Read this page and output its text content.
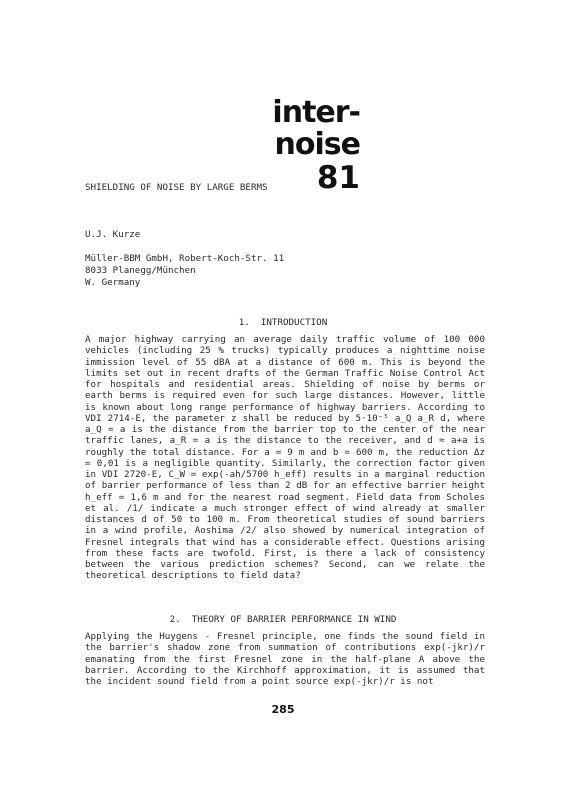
inter-noise
81
SHIELDING OF NOISE BY LARGE BERMS
U.J. Kurze
Müller-BBM GmbH, Robert-Koch-Str. 11
8033 Planegg/München
W. Germany
1.  INTRODUCTION
A major highway carrying an average daily traffic volume of 100 000 vehicles (including 25 % trucks) typically produces a nighttime noise immission level of 55 dBA at a distance of 600 m. This is beyond the limits set out in recent drafts of the German Traffic Noise Control Act for hospitals and residential areas. Shielding of noise by berms or earth berms is required even for such large distances. However, little is known about long range performance of highway barriers. According to VDI 2714-E, the parameter z shall be reduced by 5·10⁻⁵ a_Q a_R d, where a_Q = a is the distance from the barrier top to the center of the near traffic lanes, a_R = a is the distance to the receiver, and d ≈ a+a is roughly the total distance. For a = 9 m and b = 600 m, the reduction Δz = 0,01 is a negligible quantity. Similarly, the correction factor given in VDI 2720-E, C_W = exp(-ah/5700 h_eff) results in a marginal reduction of barrier performance of less than 2 dB for an effective barrier height h_eff = 1,6 m and for the nearest road segment. Field data from Scholes et al. /1/ indicate a much stronger effect of wind already at smaller distances d of 50 to 100 m. From theoretical studies of sound barriers in a wind profile, Aoshima /2/ also showed by numerical integration of Fresnel integrals that wind has a considerable effect. Questions arising from these facts are twofold. First, is there a lack of consistency between the various prediction schemes? Second, can we relate the theoretical descriptions to field data?
2.  THEORY OF BARRIER PERFORMANCE IN WIND
Applying the Huygens - Fresnel principle, one finds the sound field in the barrier's shadow zone from summation of contributions exp(-jkr)/r emanating from the first Fresnel zone in the half-plane A above the barrier. According to the Kirchhoff approximation, it is assumed that the incident sound field from a point source exp(-jkr)/r is not
285
